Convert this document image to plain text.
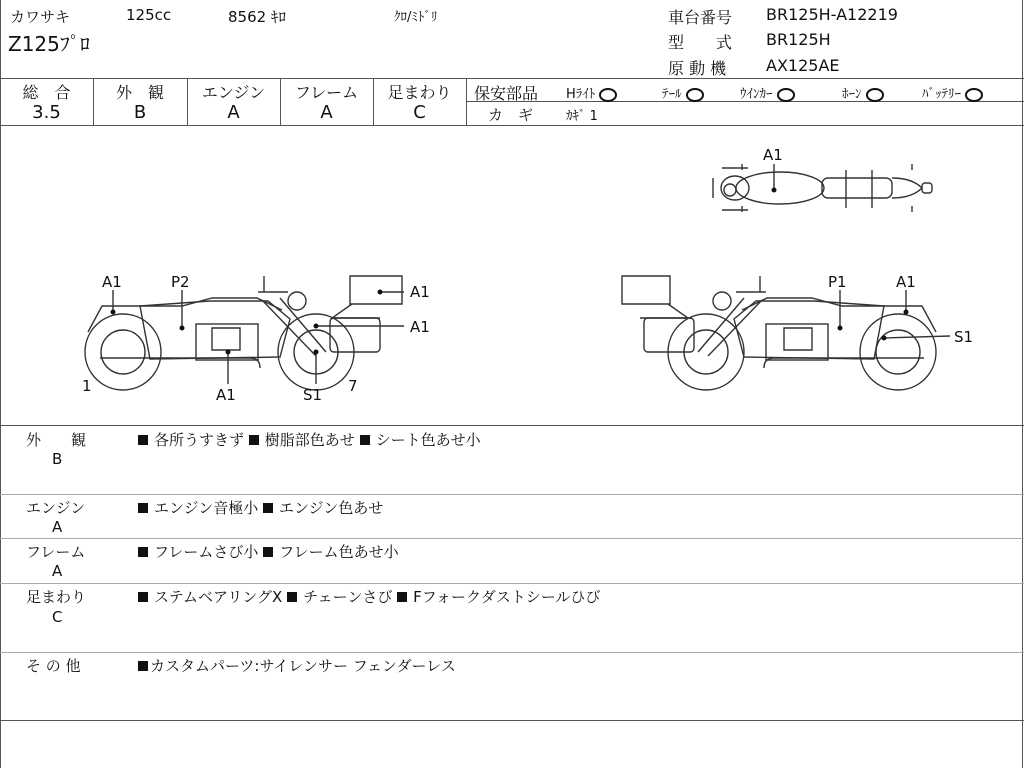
カワサキ	125cc	8562 ｷﾛ	ｸﾛ/ﾐﾄﾞﾘ
Z125ﾌﾟﾛ
車台番号 BR125H-A12219
型　　式 BR125H
原 動 機 AX125AE
総　合
3.5
外　観
B
エンジン
A
フレーム
A
足まわり
C
保安部品 Hﾗｲﾄ	ﾃｰﾙ	ｳｲﾝｶｰ	ﾎｰﾝ	ﾊﾞｯﾃﾘｰ
カ　ギ	ｶｷﾞ 1
A1
A1	P2
A1
A1
1	A1	S1 7
P1	A1
S1
外　　観
B
各所うすきず 樹脂部色あせ シート色あせ小
エンジン
A
エンジン音極小 エンジン色あせ
フレーム
A
フレームさび小 フレーム色あせ小
足まわり
C
ステムベアリングX チェーンさび Fフォークダストシールひび
そ の 他	カスタムパーツ:サイレンサー フェンダーレス
